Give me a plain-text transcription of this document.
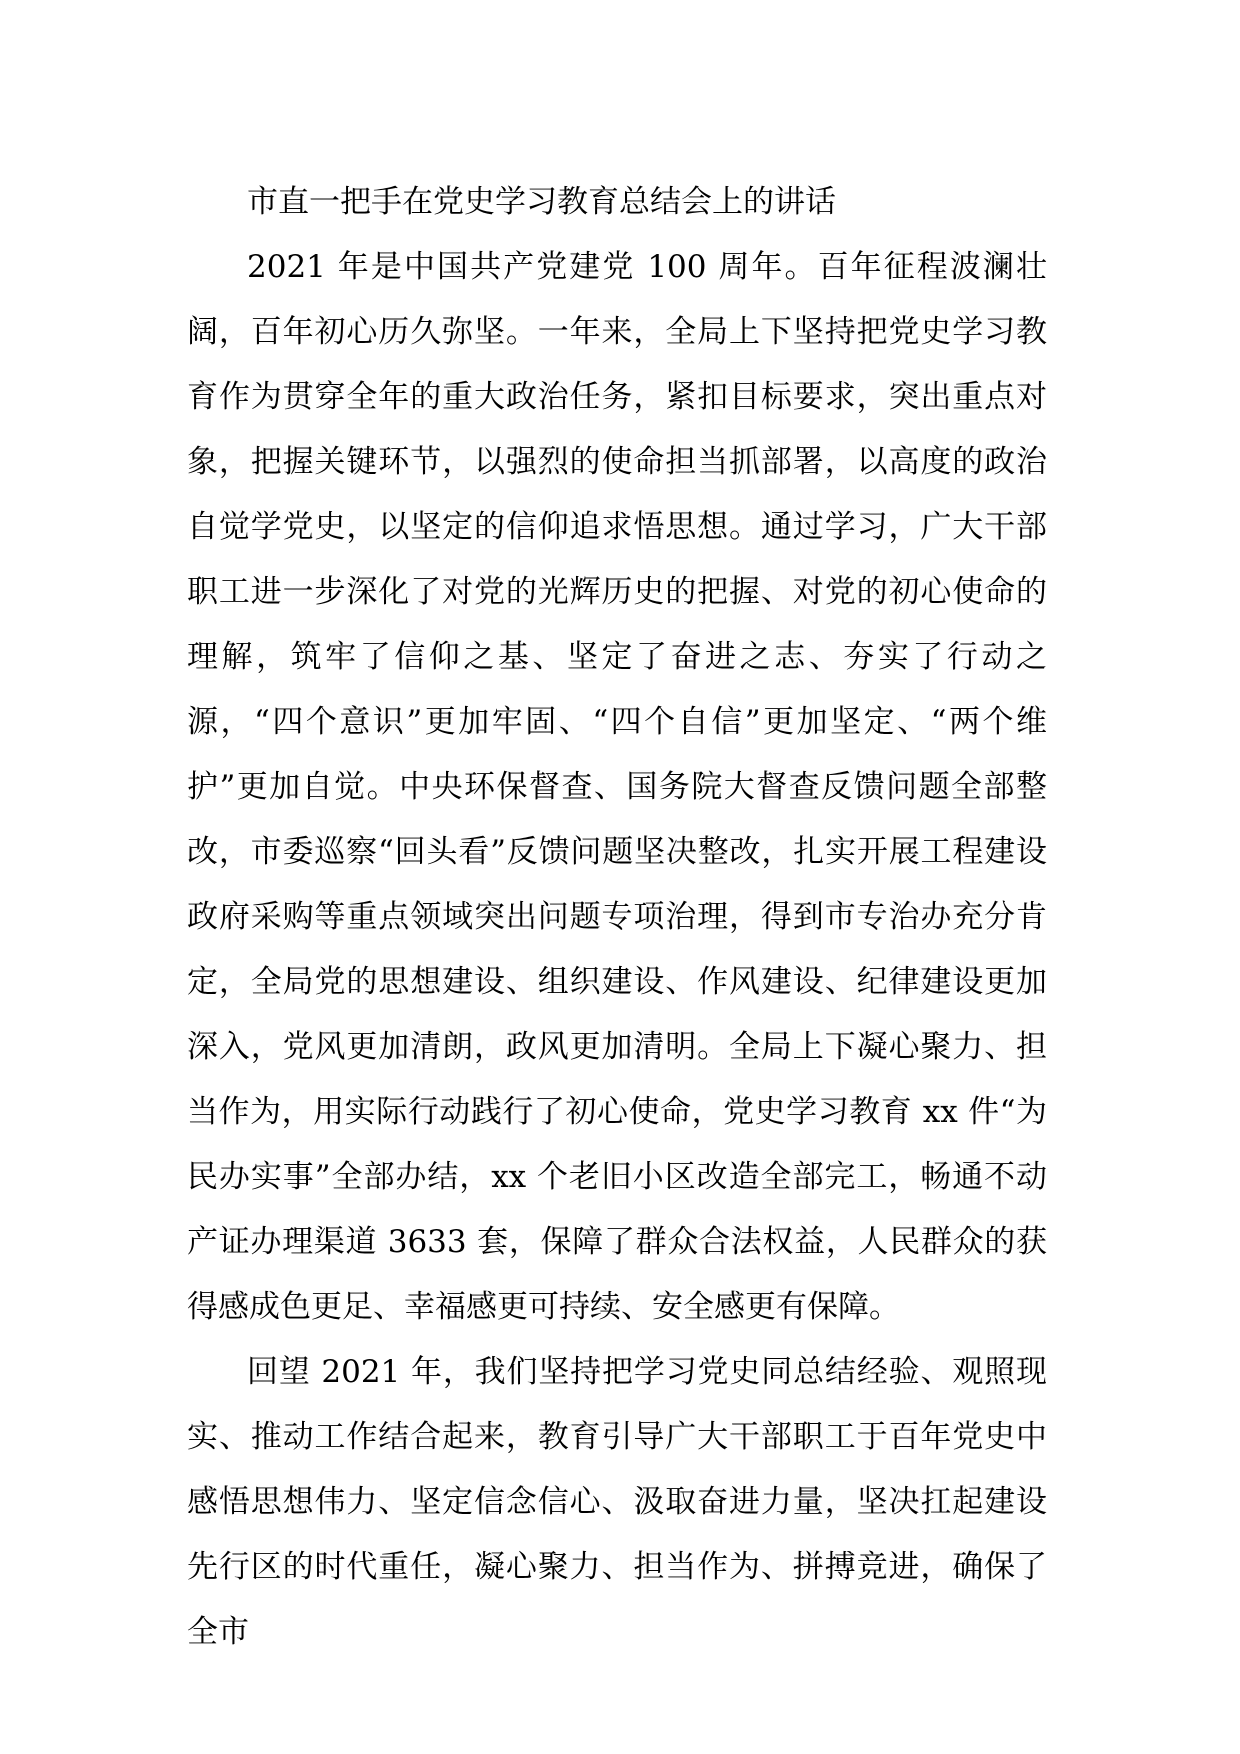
市直一把手在党史学习教育总结会上的讲话

2021 年是中国共产党建党 100 周年。百年征程波澜壮阔，百年初心历久弥坚。一年来，全局上下坚持把党史学习教育作为贯穿全年的重大政治任务，紧扣目标要求，突出重点对象，把握关键环节，以强烈的使命担当抓部署，以高度的政治自觉学党史，以坚定的信仰追求悟思想。通过学习，广大干部职工进一步深化了对党的光辉历史的把握、对党的初心使命的理解，筑牢了信仰之基、坚定了奋进之志、夯实了行动之源，“四个意识”更加牢固、“四个自信”更加坚定、“两个维护”更加自觉。中央环保督查、国务院大督查反馈问题全部整改，市委巡察“回头看”反馈问题坚决整改，扎实开展工程建设政府采购等重点领域突出问题专项治理，得到市专治办充分肯定，全局党的思想建设、组织建设、作风建设、纪律建设更加深入，党风更加清朗，政风更加清明。全局上下凝心聚力、担当作为，用实际行动践行了初心使命，党史学习教育 xx 件“为民办实事”全部办结，xx 个老旧小区改造全部完工，畅通不动产证办理渠道 3633 套，保障了群众合法权益，人民群众的获得感成色更足、幸福感更可持续、安全感更有保障。

回望 2021 年，我们坚持把学习党史同总结经验、观照现实、推动工作结合起来，教育引导广大干部职工于百年党史中感悟思想伟力、坚定信念信心、汲取奋进力量，坚决扛起建设先行区的时代重任，凝心聚力、担当作为、拼搏竞进，确保了全市
